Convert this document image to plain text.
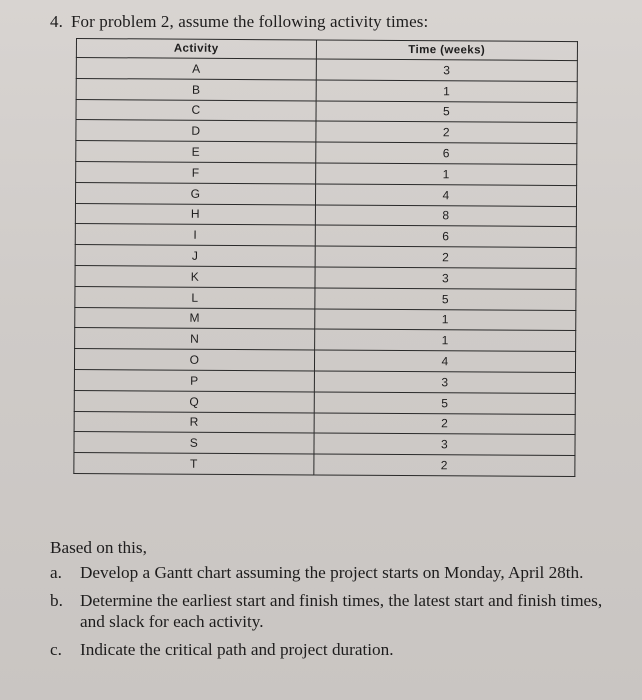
4. For problem 2, assume the following activity times:
Activity	Time (weeks)
A	3
B	1
C	5
D	2
E	6
F	1
G	4
H	8
I	6
J	2
K	3
L	5
M	1
N	1
O	4
P	3
Q	5
R	2
S	3
T	2
Based on this,
a. Develop a Gantt chart assuming the project starts on Monday, April 28th.
b. Determine the earliest start and finish times, the latest start and finish times, and slack for each activity.
c. Indicate the critical path and project duration.
